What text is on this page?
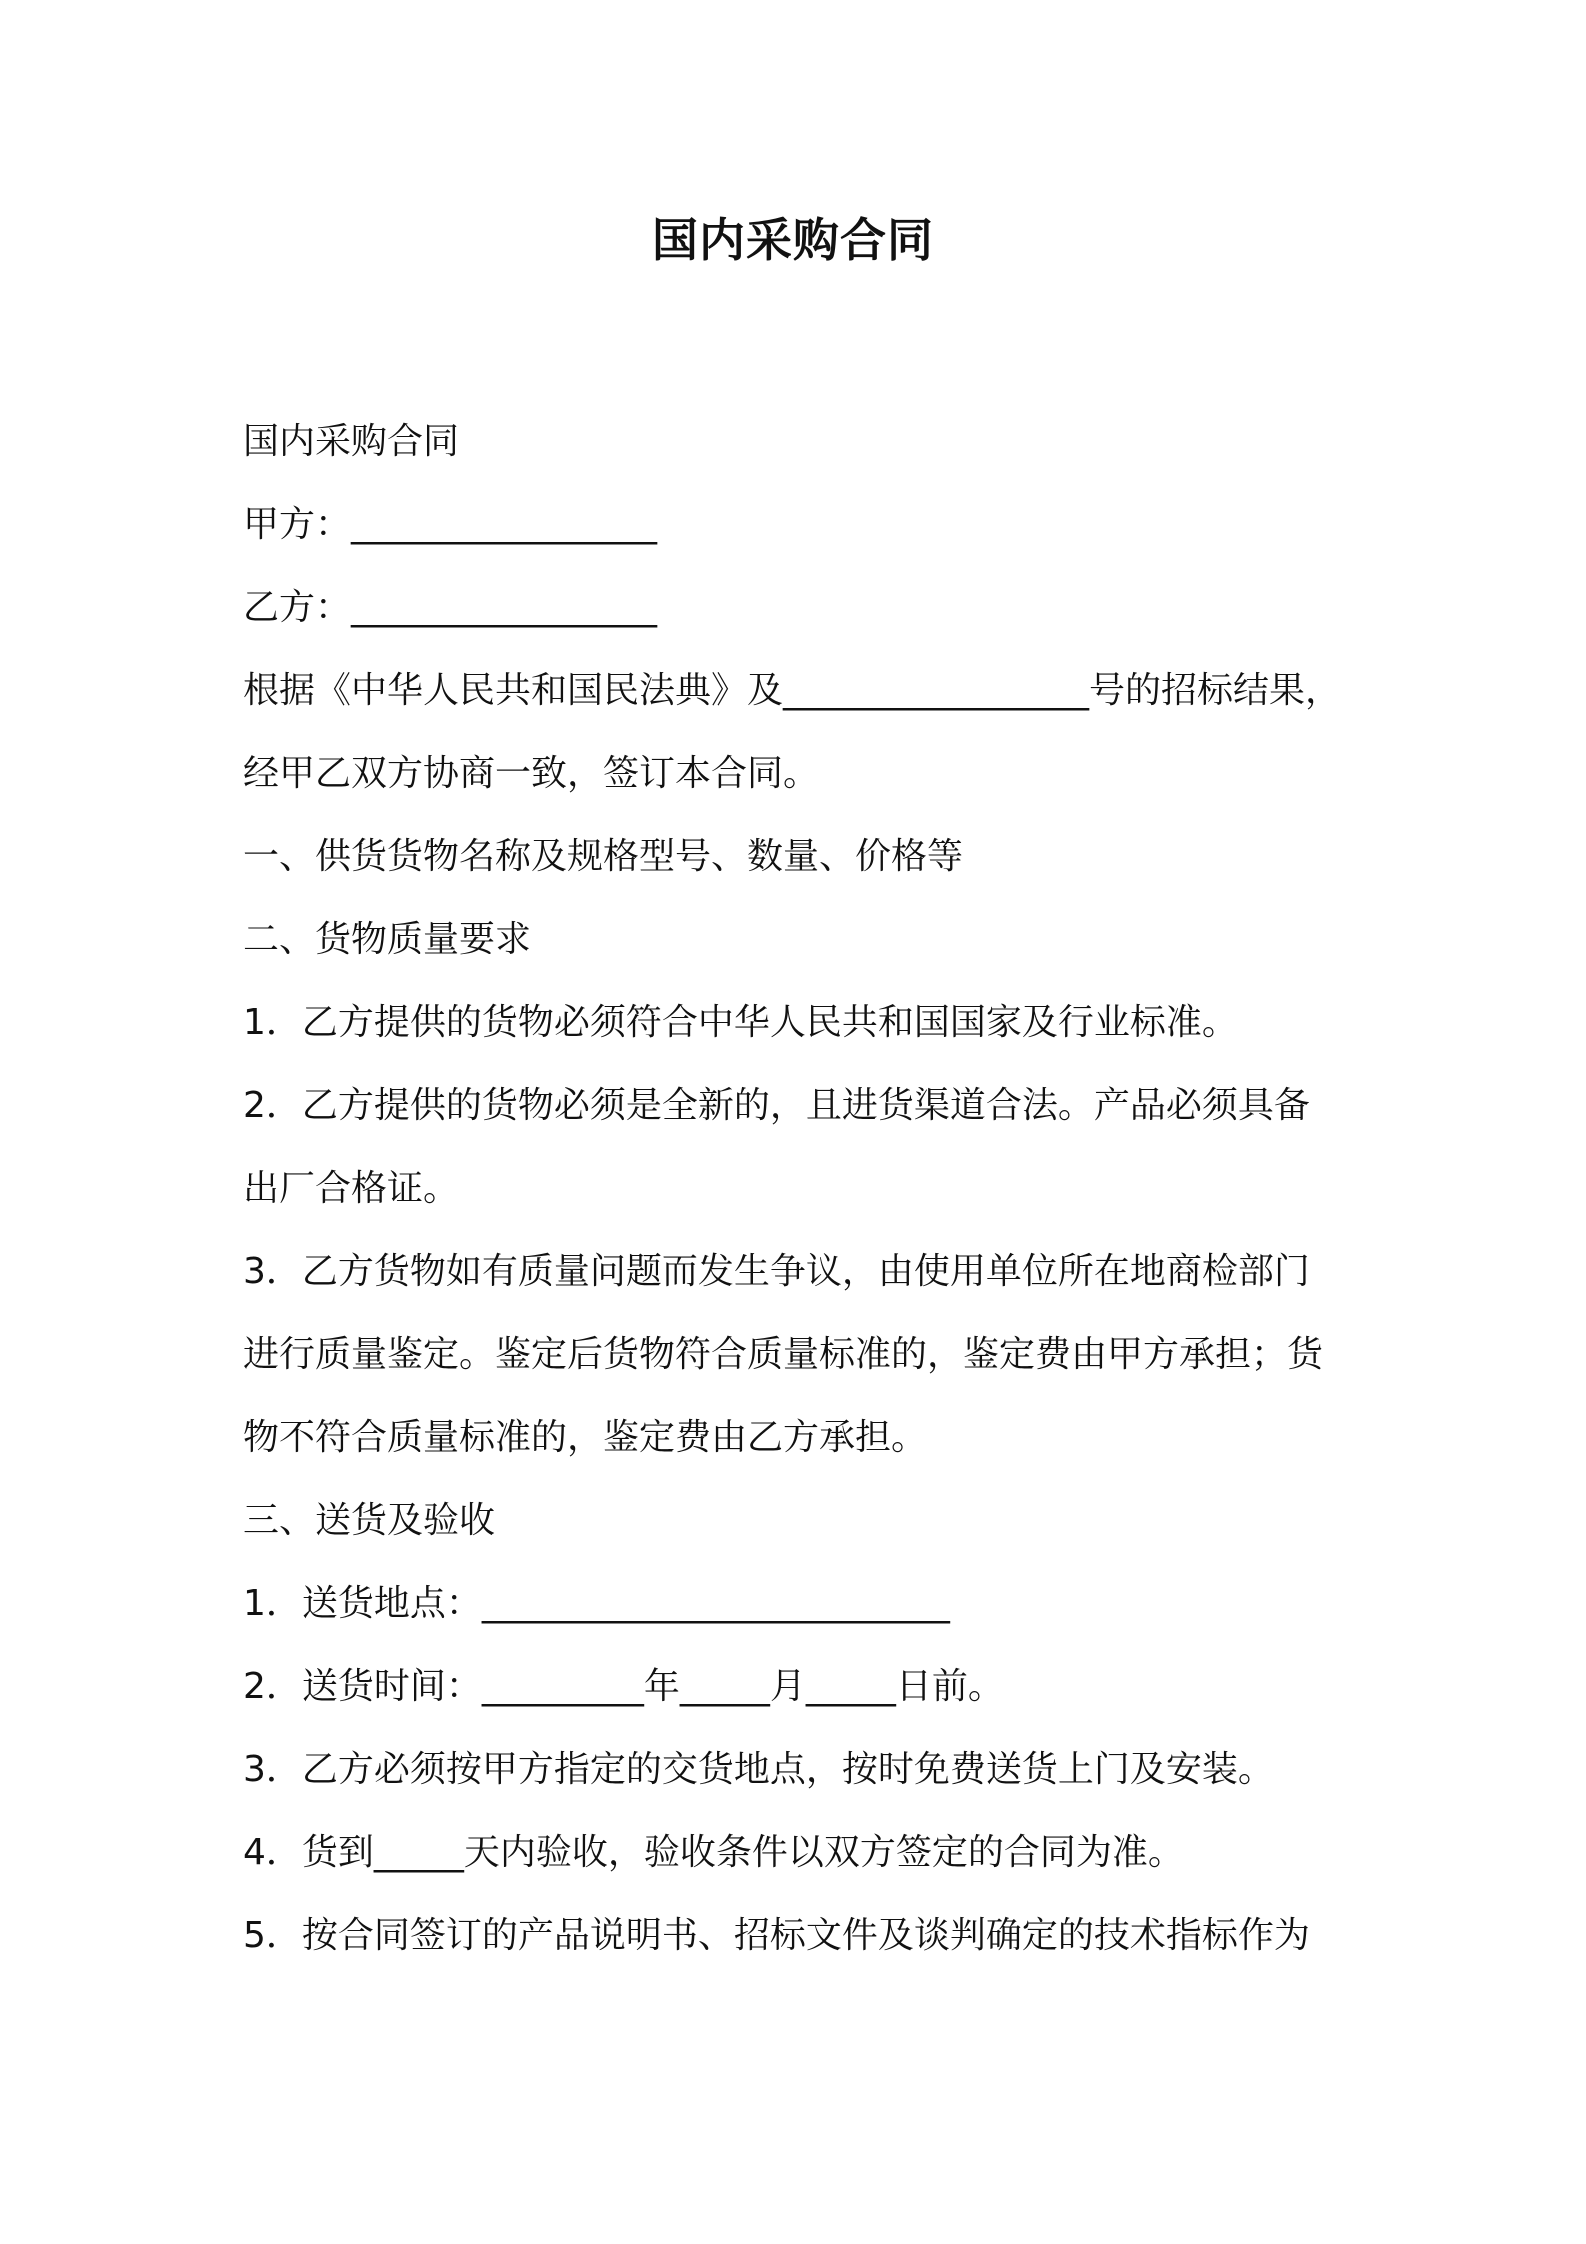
国内采购合同
国内采购合同
甲方：_________________
乙方：_________________
根据《中华人民共和国民法典》及_________________号的招标结果，
经甲乙双方协商一致，签订本合同。
一、供货货物名称及规格型号、数量、价格等
二、货物质量要求
1．乙方提供的货物必须符合中华人民共和国国家及行业标准。
2．乙方提供的货物必须是全新的，且进货渠道合法。产品必须具备
出厂合格证。
3．乙方货物如有质量问题而发生争议，由使用单位所在地商检部门
进行质量鉴定。鉴定后货物符合质量标准的，鉴定费由甲方承担；货
物不符合质量标准的，鉴定费由乙方承担。
三、送货及验收
1．送货地点：__________________________
2．送货时间：_________年_____月_____日前。
3．乙方必须按甲方指定的交货地点，按时免费送货上门及安装。
4．货到_____天内验收，验收条件以双方签定的合同为准。
5．按合同签订的产品说明书、招标文件及谈判确定的技术指标作为
